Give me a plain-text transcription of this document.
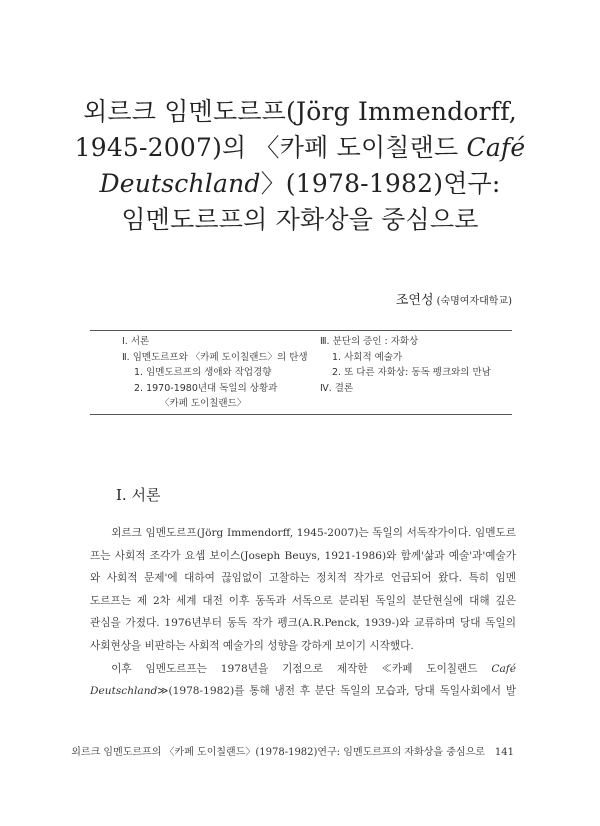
외르크 임멘도르프(Jörg Immendorff,
1945-2007)의 〈카페 도이칠랜드 Café
Deutschland〉(1978-1982)연구:
임멘도르프의 자화상을 중심으로
조연성 (숙명여자대학교)
Ⅰ. 서론
Ⅱ. 임멘도르프와 〈카페 도이칠랜드〉의 탄생
1. 임멘도르프의 생애와 작업경향
2. 1970-1980년대 독일의 상황과
〈카페 도이칠랜드〉
Ⅲ. 분단의 증인 : 자화상
1. 사회적 예술가
2. 또 다른 자화상: 동독 펭크와의 만남
Ⅳ. 결론
Ⅰ. 서론
외르크 임멘도르프(Jörg Immendorff, 1945-2007)는 독일의 서독작가이다. 임멘도르
프는 사회적 조각가 요셉 보이스(Joseph Beuys, 1921-1986)와 함께'삶과 예술'과'예술가
와 사회적 문제'에 대하여 끊임없이 고찰하는 정치적 작가로 언급되어 왔다. 특히 임멘
도르프는 제 2차 세계 대전 이후 동독과 서독으로 분리된 독일의 분단현실에 대해 깊은
관심을 가졌다. 1976년부터 동독 작가 펭크(A.R.Penck, 1939-)와 교류하며 당대 독일의
사회현상을 비판하는 사회적 예술가의 성향을 강하게 보이기 시작했다.
이후 임멘도르프는 1978년을 기점으로 제작한 ≪카페 도이칠랜드 Café
Deutschland≫(1978-1982)를 통해 냉전 후 분단 독일의 모습과, 당대 독일사회에서 발
외르크 임멘도르프의 〈카페 도이칠랜드〉(1978-1982)연구: 임멘도르프의 자화상을 중심으로 141
